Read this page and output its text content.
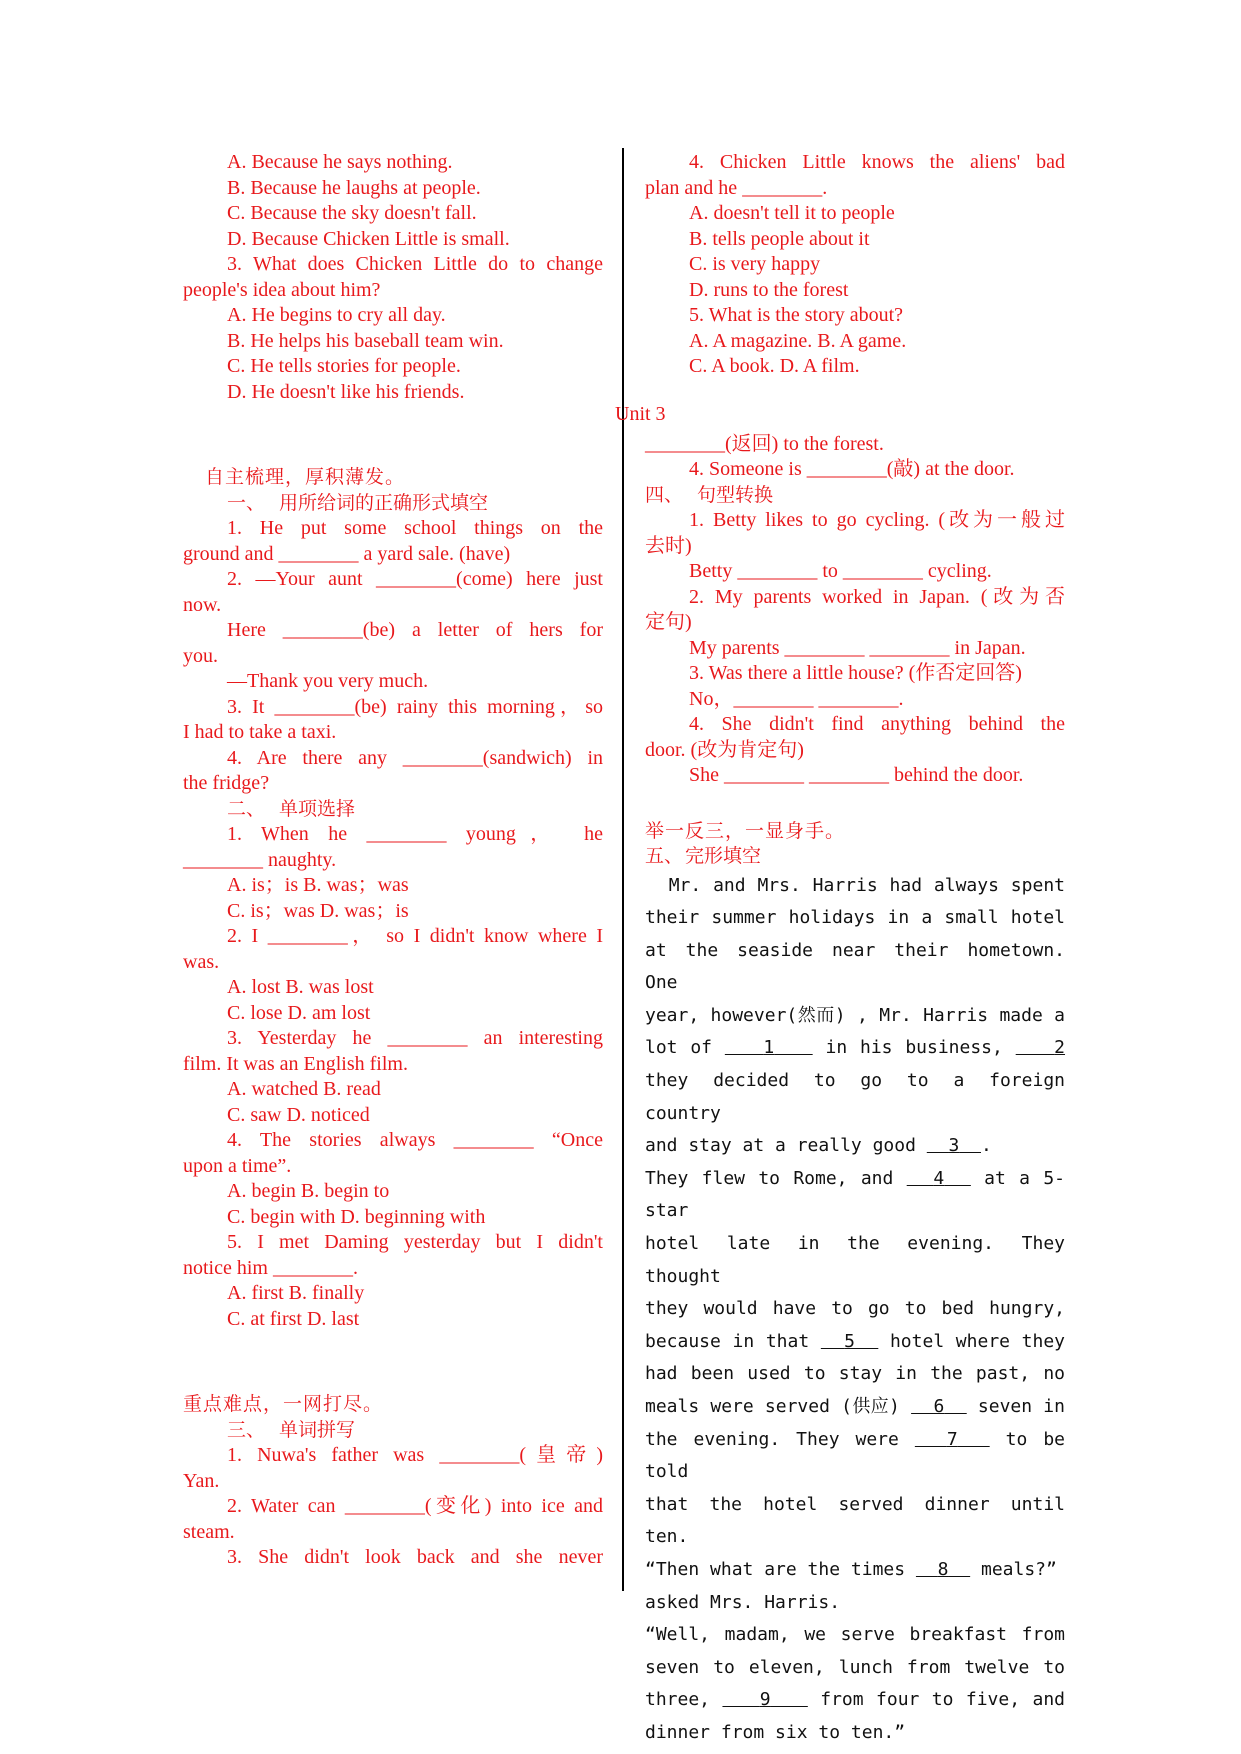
Unit 3
A. Because he says nothing.
B. Because he laughs at people.
C. Because the sky doesn't fall.
D. Because Chicken Little is small.
3. What does Chicken Little do to change
people's idea about him?
A. He begins to cry all day.
B. He helps his baseball team win.
C. He tells stories for people.
D. He doesn't like his friends.
自主梳理，厚积薄发。
一、 用所给词的正确形式填空
1. He put some school things on the
ground and ________ a yard sale. (have)
2. —Your aunt ________(come) here just
now.
Here ________(be) a letter of hers for
you.
—Thank you very much.
3. It ________(be) rainy this morning，so
I had to take a taxi.
4. Are there any ________(sandwich) in
the fridge?
二、 单项选择
1. When he ________ young， he
________ naughty.
A. is；is B. was；was
C. is；was D. was；is
2. I ________， so I didn't know where I
was.
A. lost B. was lost
C. lose D. am lost
3. Yesterday he ________ an interesting
film. It was an English film.
A. watched B. read
C. saw D. noticed
4. The stories always ________ “Once
upon a time”.
A. begin B. begin to
C. begin with D. beginning with
5. I met Daming yesterday but I didn't
notice him ________.
A. first B. finally
C. at first D. last
重点难点，一网打尽。
三、 单词拼写
1. Nuwa's father was ________(皇帝)
Yan.
2. Water can ________(变化) into ice and
steam.
3. She didn't look back and she never
4. Chicken Little knows the aliens' bad
plan and he ________.
A. doesn't tell it to people
B. tells people about it
C. is very happy
D. runs to the forest
5. What is the story about?
A. A magazine. B. A game.
C. A book. D. A film.
________(返回) to the forest.
4. Someone is ________(敲) at the door.
四、 句型转换
1. Betty likes to go cycling. (改为一般过
去时)
Betty ________ to ________ cycling.
2. My parents worked in Japan. (改为否
定句)
My parents ________ ________ in Japan.
3. Was there a little house? (作否定回答)
No，________ ________.
4. She didn't find anything behind the
door. (改为肯定句)
She ________ ________ behind the door.
举一反三，一显身手。
五、 完形填空
Mr. and Mrs. Harris had always spent
their summer holidays in a small hotel
at the seaside near their hometown. One
year, however(然而) , Mr. Harris made a
lot of	1	in his business,	2
they decided to go to a foreign country
and stay at a really good 3 .
They flew to Rome, and 4 at a 5-star
hotel late in the evening. They thought
they would have to go to bed hungry,
because in that 5 hotel where they
had been used to stay in the past, no
meals were served (供应) 6 seven in
the evening. They were	7	to be told
that the hotel served dinner until ten.
“Then what are the times 8 meals?”
asked Mrs. Harris.
“Well, madam, we serve breakfast from
seven to eleven, lunch from twelve to
three,	9	from four to five, and
dinner from six to ten.”
